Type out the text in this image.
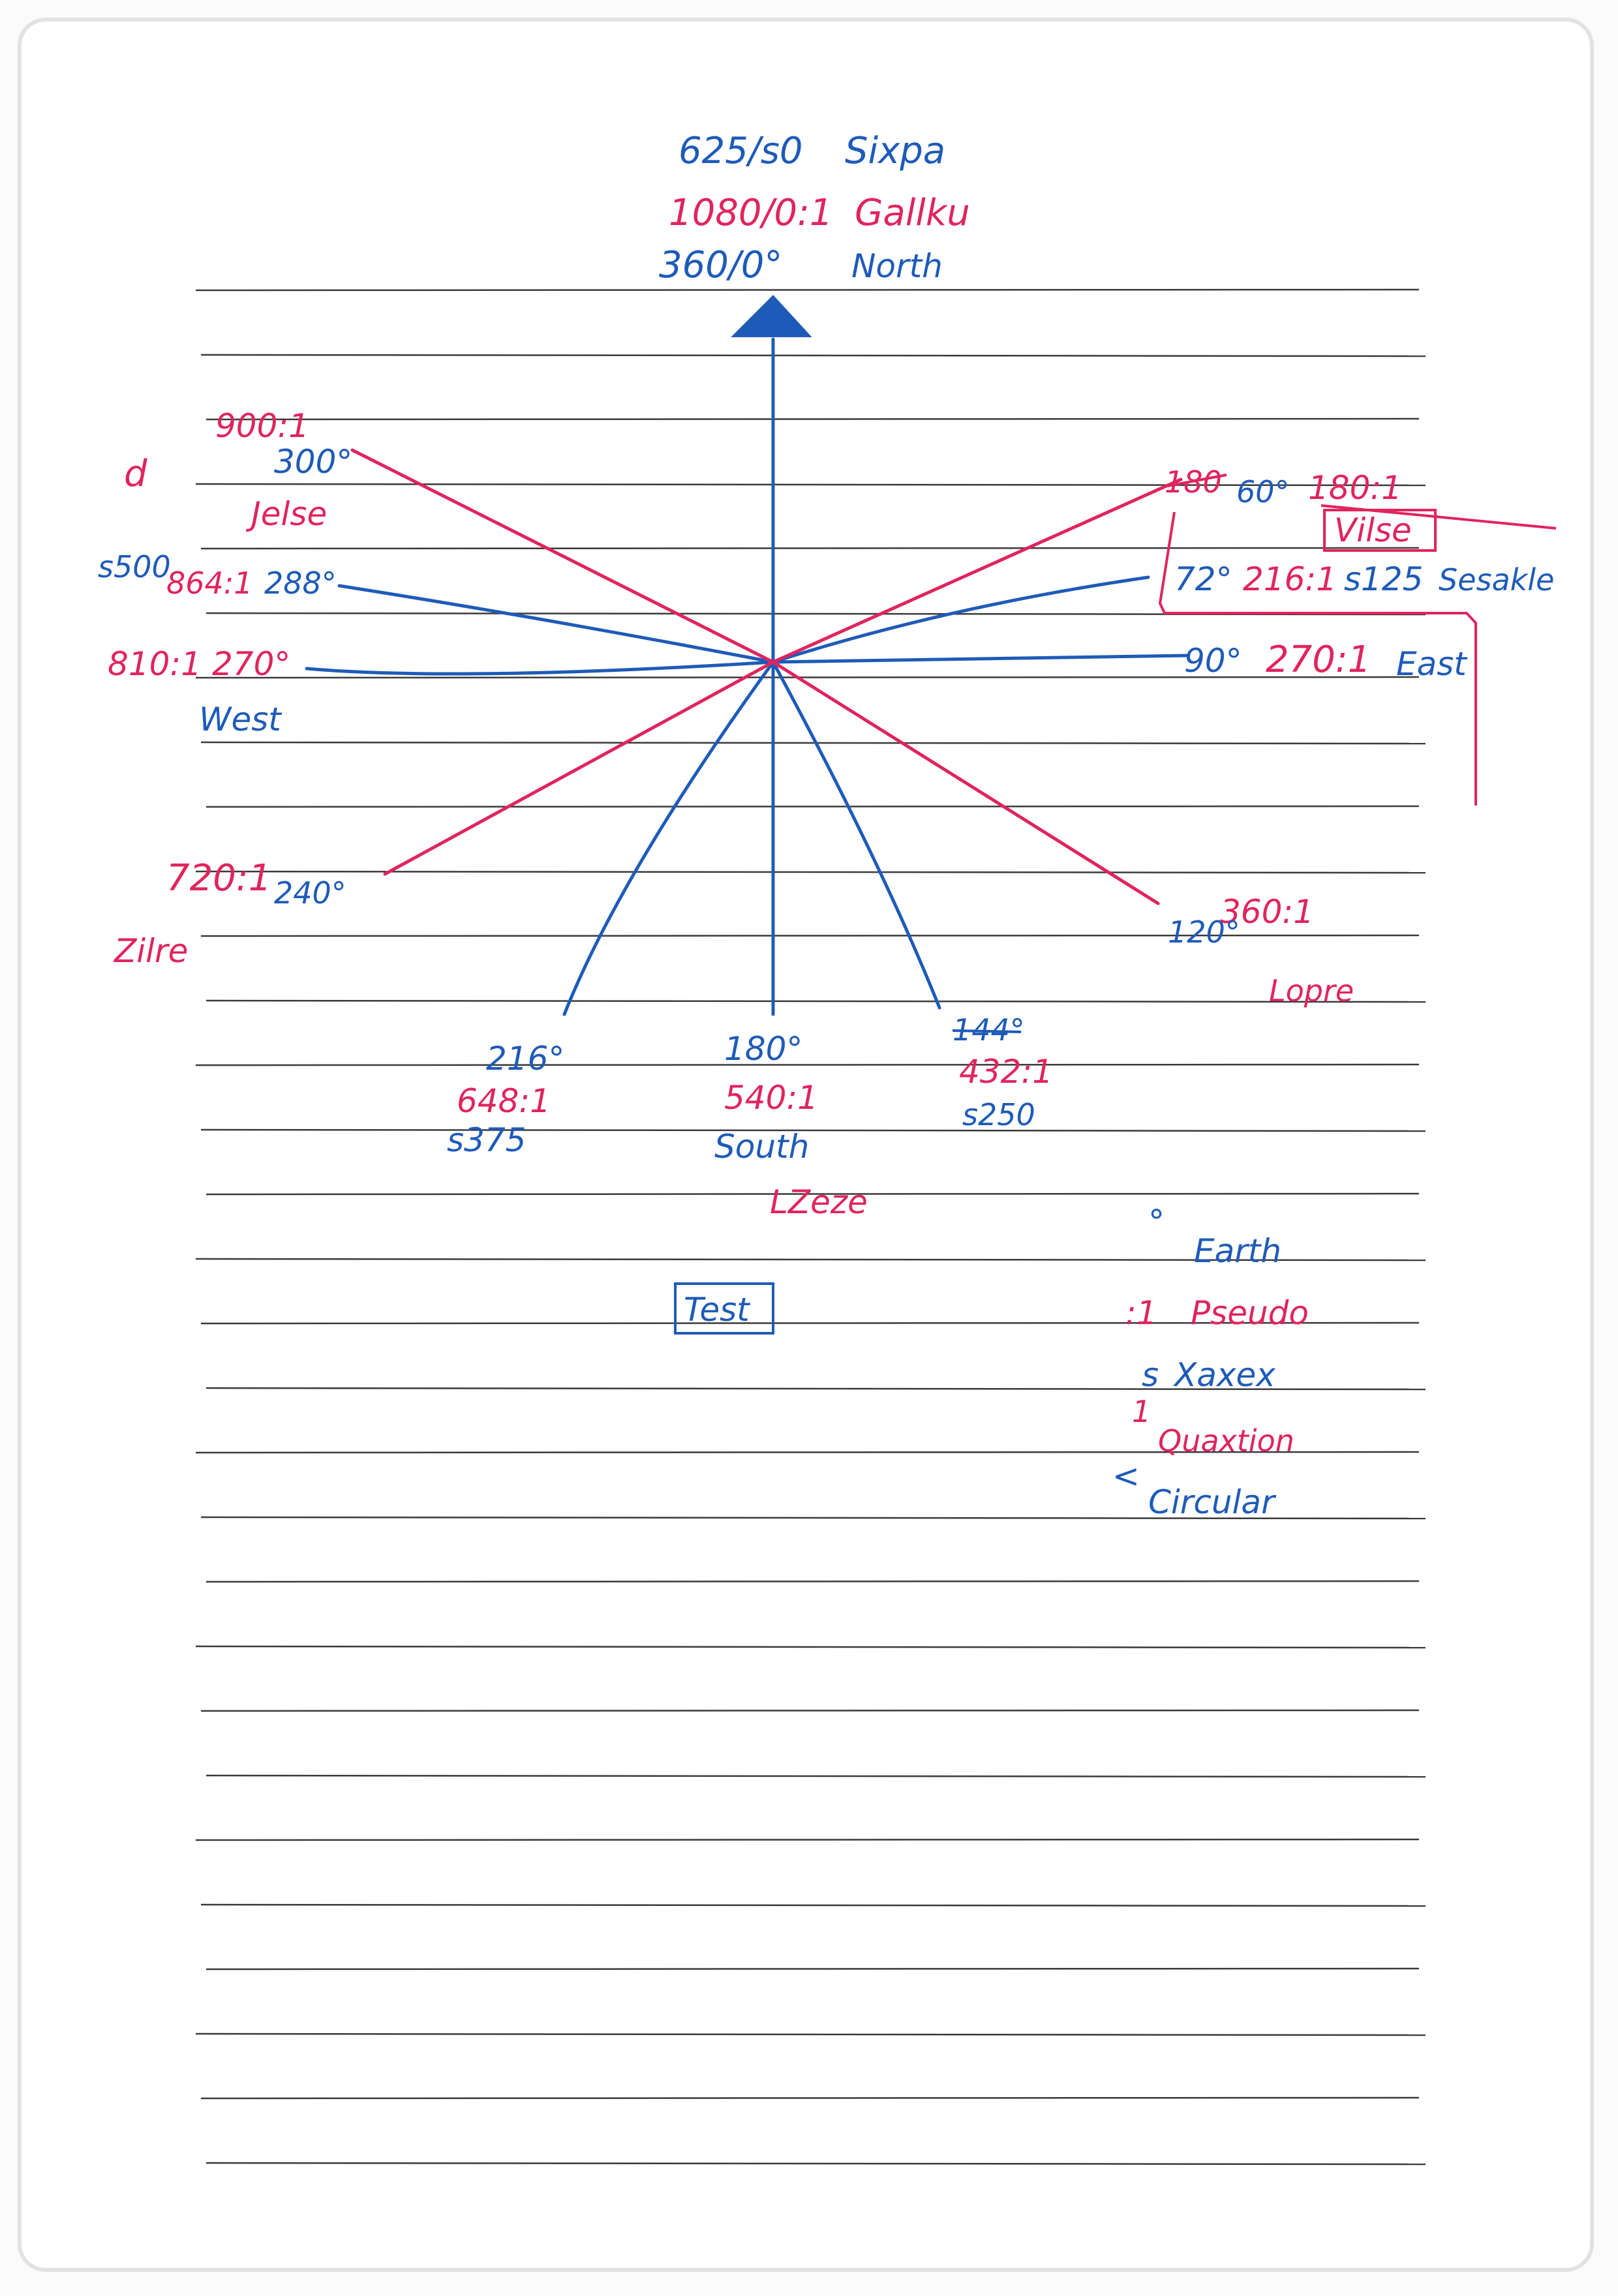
625/s0 Sixpa
1080/0:1 Gallku
360/0° North
900:1
300°
Jelse
d
s500
864:1 288°
810:1 270°
West
720:1 240°
Zilre
216°
648:1
s375
180°
540:1
South
LZeze
144°
432:1
s250
360:1
120°
Lopre
180 60° 180:1
Vilse
72° 216:1 s125 Sesakle
90° 270:1 East
Test
°
Earth
:1 Pseudo
s Xaxex
1
Quaxtion
<
Circular
